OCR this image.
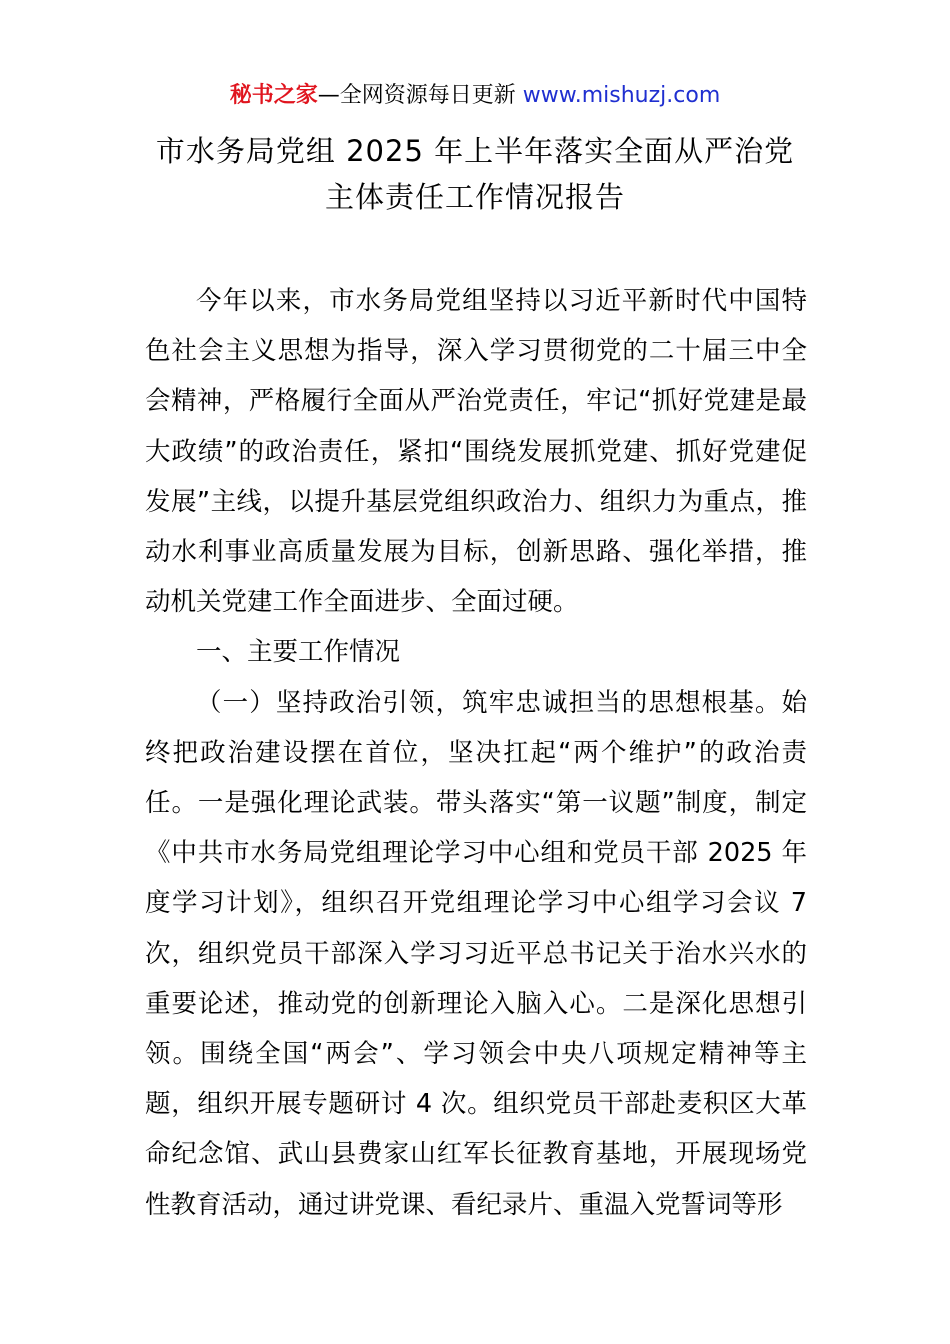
秘书之家—全网资源每日更新 www.mishuzj.com
市水务局党组 2025 年上半年落实全面从严治党
主体责任工作情况报告

今年以来，市水务局党组坚持以习近平新时代中国特色社会主义思想为指导，深入学习贯彻党的二十届三中全会精神，严格履行全面从严治党责任，牢记“抓好党建是最大政绩”的政治责任，紧扣“围绕发展抓党建、抓好党建促发展”主线，以提升基层党组织政治力、组织力为重点，推动水利事业高质量发展为目标，创新思路、强化举措，推动机关党建工作全面进步、全面过硬。

一、主要工作情况

（一）坚持政治引领，筑牢忠诚担当的思想根基。始终把政治建设摆在首位，坚决扛起“两个维护”的政治责任。一是强化理论武装。带头落实“第一议题”制度，制定《中共市水务局党组理论学习中心组和党员干部 2025 年度学习计划》，组织召开党组理论学习中心组学习会议 7 次，组织党员干部深入学习习近平总书记关于治水兴水的重要论述，推动党的创新理论入脑入心。二是深化思想引领。围绕全国“两会”、学习领会中央八项规定精神等主题，组织开展专题研讨 4 次。组织党员干部赴麦积区大革命纪念馆、武山县费家山红军长征教育基地，开展现场党性教育活动，通过讲党课、看纪录片、重温入党誓词等形
